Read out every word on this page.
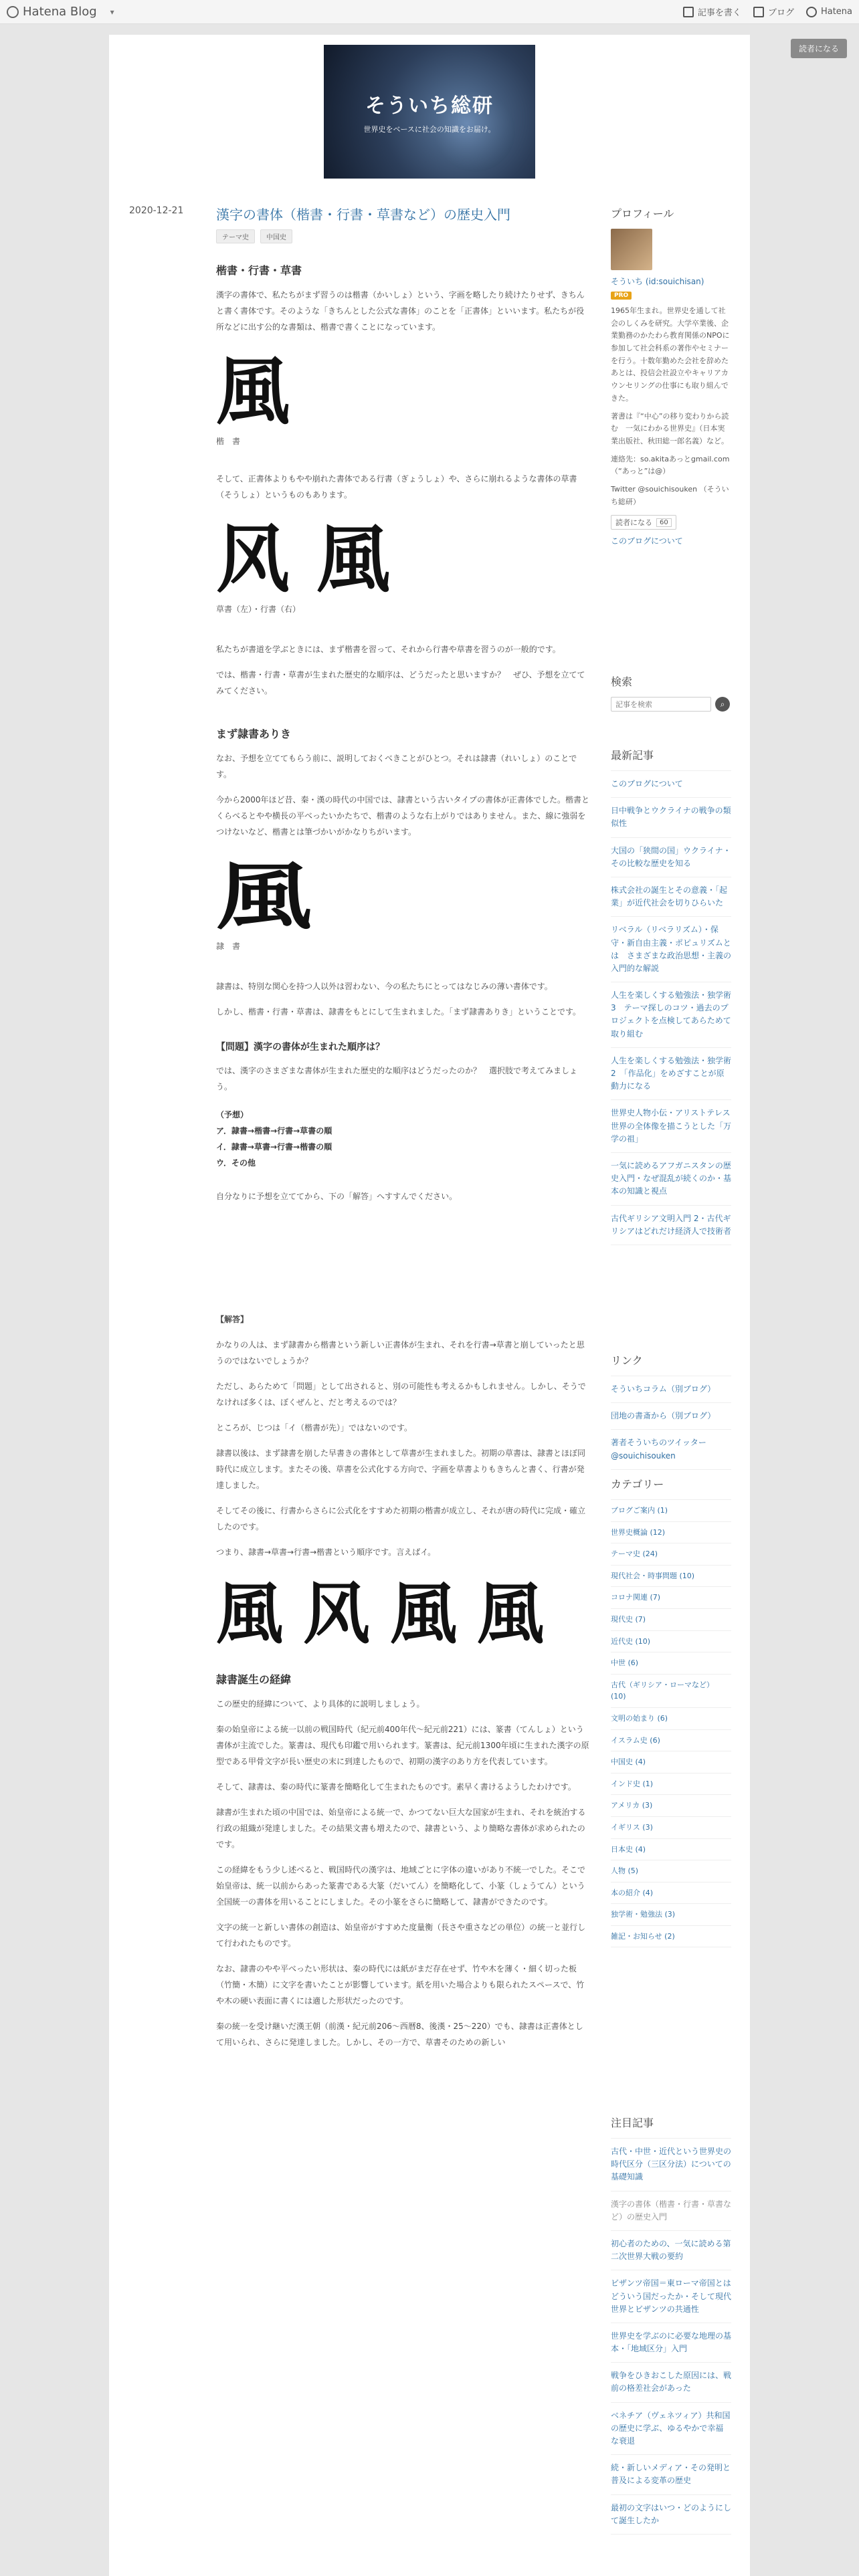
Hatena Blog ▾	記事を書く	ブログ	Hatena
読者になる
そういち総研
世界史をベースに社会の知識をお届け。
2020-12-21	漢字の書体（楷書・行書・草書など）の歴史入門
テーマ史	中国史
楷書・行書・草書
漢字の書体で、私たちがまず習うのは楷書（かいしょ）という、字画を略したり続けたりせず、きちんと書く書体です。そのような「きちんとした公式な書体」のことを「正書体」といいます。私たちが役所などに出す公的な書類は、楷書で書くことになっています。
風
楷　書
そして、正書体よりもやや崩れた書体である行書（ぎょうしょ）や、さらに崩れるような書体の草書（そうしょ）というものもあります。
风 風
草書（左）・行書（右）
私たちが書道を学ぶときには、まず楷書を習って、それから行書や草書を習うのが一般的です。
では、楷書・行書・草書が生まれた歴史的な順序は、どうだったと思いますか？　ぜひ、予想を立ててみてください。
まず隷書ありき
なお、予想を立ててもらう前に、説明しておくべきことがひとつ。それは隷書（れいしょ）のことです。
今から2000年ほど昔、秦・漢の時代の中国では、隷書という古いタイプの書体が正書体でした。楷書とくらべるとやや横長の平べったいかたちで、楷書のような右上がりではありません。また、線に強弱をつけないなど、楷書とは筆づかいがかなりちがいます。
風
隷　書
隷書は、特別な関心を持つ人以外は習わない、今の私たちにとってはなじみの薄い書体です。
しかし、楷書・行書・草書は、隷書をもとにして生まれました。「まず隷書ありき」ということです。
【問題】漢字の書体が生まれた順序は？
では、漢字のさまざまな書体が生まれた歴史的な順序はどうだったのか？　選択肢で考えてみましょう。
（予想）
ア．隷書→楷書→行書→草書の順
イ．隷書→草書→行書→楷書の順
ウ．その他
自分なりに予想を立ててから、下の「解答」へすすんでください。
【解答】
かなりの人は、まず隷書から楷書という新しい正書体が生まれ、それを行書→草書と崩していったと思うのではないでしょうか？
ただし、あらためて「問題」として出されると、別の可能性も考えるかもしれません。しかし、そうでなければ多くは、ぼくぜんと、だと考えるのでは？
ところが、じつは「イ（楷書が先）」ではないのです。
隷書以後は、まず隷書を崩した早書きの書体として草書が生まれました。初期の草書は、隷書とほぼ同時代に成立します。またその後、草書を公式化する方向で、字画を草書よりもきちんと書く、行書が発達しました。
そしてその後に、行書からさらに公式化をすすめた初期の楷書が成立し、それが唐の時代に完成・確立したのです。
つまり、隷書→草書→行書→楷書という順序です。言えばイ。
風 风 風 風
隷書誕生の経緯
この歴史的経緯について、より具体的に説明しましょう。
秦の始皇帝による統一以前の戦国時代（紀元前400年代〜紀元前221）には、篆書（てんしょ）という書体が主流でした。篆書は、現代も印鑑で用いられます。篆書は、紀元前1300年頃に生まれた漢字の原型である甲骨文字が長い歴史の末に到達したもので、初期の漢字のあり方を代表しています。
そして、隷書は、秦の時代に篆書を簡略化して生まれたものです。素早く書けるようしたわけです。
隷書が生まれた頃の中国では、始皇帝による統一で、かつてない巨大な国家が生まれ、それを統治する行政の組織が発達しました。その結果文書も増えたので、隷書という、より簡略な書体が求められたのです。
この経緯をもう少し述べると、戦国時代の漢字は、地域ごとに字体の違いがあり不統一でした。そこで始皇帝は、統一以前からあった篆書である大篆（だいてん）を簡略化して、小篆（しょうてん）という全国統一の書体を用いることにしました。その小篆をさらに簡略して、隷書ができたのです。
文字の統一と新しい書体の創造は、始皇帝がすすめた度量衡（長さや重さなどの単位）の統一と並行して行われたものです。
なお、隷書のやや平べったい形状は、秦の時代には紙がまだ存在せず、竹や木を薄く・細く切った板（竹簡・木簡）に文字を書いたことが影響しています。紙を用いた場合よりも限られたスペースで、竹や木の硬い表面に書くには適した形状だったのです。
秦の統一を受け継いだ漢王朝（前漢・紀元前206〜西暦8、後漢・25〜220）でも、隷書は正書体として用いられ、さらに発達しました。しかし、その一方で、草書そのための新しい
プロフィール
そういち (id:souichisan)
PRO
1965年生まれ。世界史を通して社会のしくみを研究。大学卒業後、企業勤務のかたわら教育関係のNPOに参加して社会科系の著作やセミナーを行う。十数年勤めた会社を辞めたあとは、投信会社設立やキャリアカウンセリングの仕事にも取り組んできた。
著書は『“中心”の移り変わりから読む　一気にわかる世界史』（日本実業出版社、秋田総一郎名義）など。
連絡先：so.akitaあっとgmail.com（“あっと”は@）
Twitter @souichisouken （そういち総研）
読者になる	60
このブログについて
検索
記事を検索
⌕
最新記事
このブログについて
日中戦争とウクライナの戦争の類似性
大国の「狭間の国」ウクライナ・その比較な歴史を知る
株式会社の誕生とその意義・「起業」が近代社会を切りひらいた
リベラル（リベラリズム）・保守・新自由主義・ポピュリズムとは　さまざまな政治思想・主義の入門的な解説
人生を楽しくする勉強法・独学術 3　テーマ探しのコツ・過去のプロジェクトを点検してあらためて取り組む
人生を楽しくする勉強法・独学術 2　「作品化」をめざすことが原動力になる
世界史人物小伝・アリストテレス　世界の全体像を描こうとした「万学の祖」
一気に読めるアフガニスタンの歴史入門・なぜ混乱が続くのか・基本の知識と視点
古代ギリシア文明入門 2・古代ギリシアはどれだけ経済人で技術者
リンク
そういちコラム（別ブログ）
団地の書斎から（別ブログ）
著者そういちのツイッター @souichisouken
カテゴリー
ブログご案内 (1)
世界史概論 (12)
テーマ史 (24)
現代社会・時事問題 (10)
コロナ関連 (7)
現代史 (7)
近代史 (10)
中世 (6)
古代（ギリシア・ローマなど） (10)
文明の始まり (6)
イスラム史 (6)
中国史 (4)
インド史 (1)
アメリカ (3)
イギリス (3)
日本史 (4)
人物 (5)
本の紹介 (4)
独学術・勉強法 (3)
雑記・お知らせ (2)
注目記事
古代・中世・近代という世界史の時代区分（三区分法）についての基礎知識
漢字の書体（楷書・行書・草書など）の歴史入門
初心者のための、一気に読める第二次世界大戦の要約
ビザンツ帝国＝東ローマ帝国とはどういう国だったか・そして現代世界とビザンツの共通性
世界史を学ぶのに必要な地理の基本・「地域区分」入門
戦争をひきおこした原因には、戦前の格差社会があった
ベネチア（ヴェネツィア）共和国の歴史に学ぶ、ゆるやかで幸福な衰退
続・新しいメディア・その発明と普及による変革の歴史
最初の文字はいつ・どのようにして誕生したか
